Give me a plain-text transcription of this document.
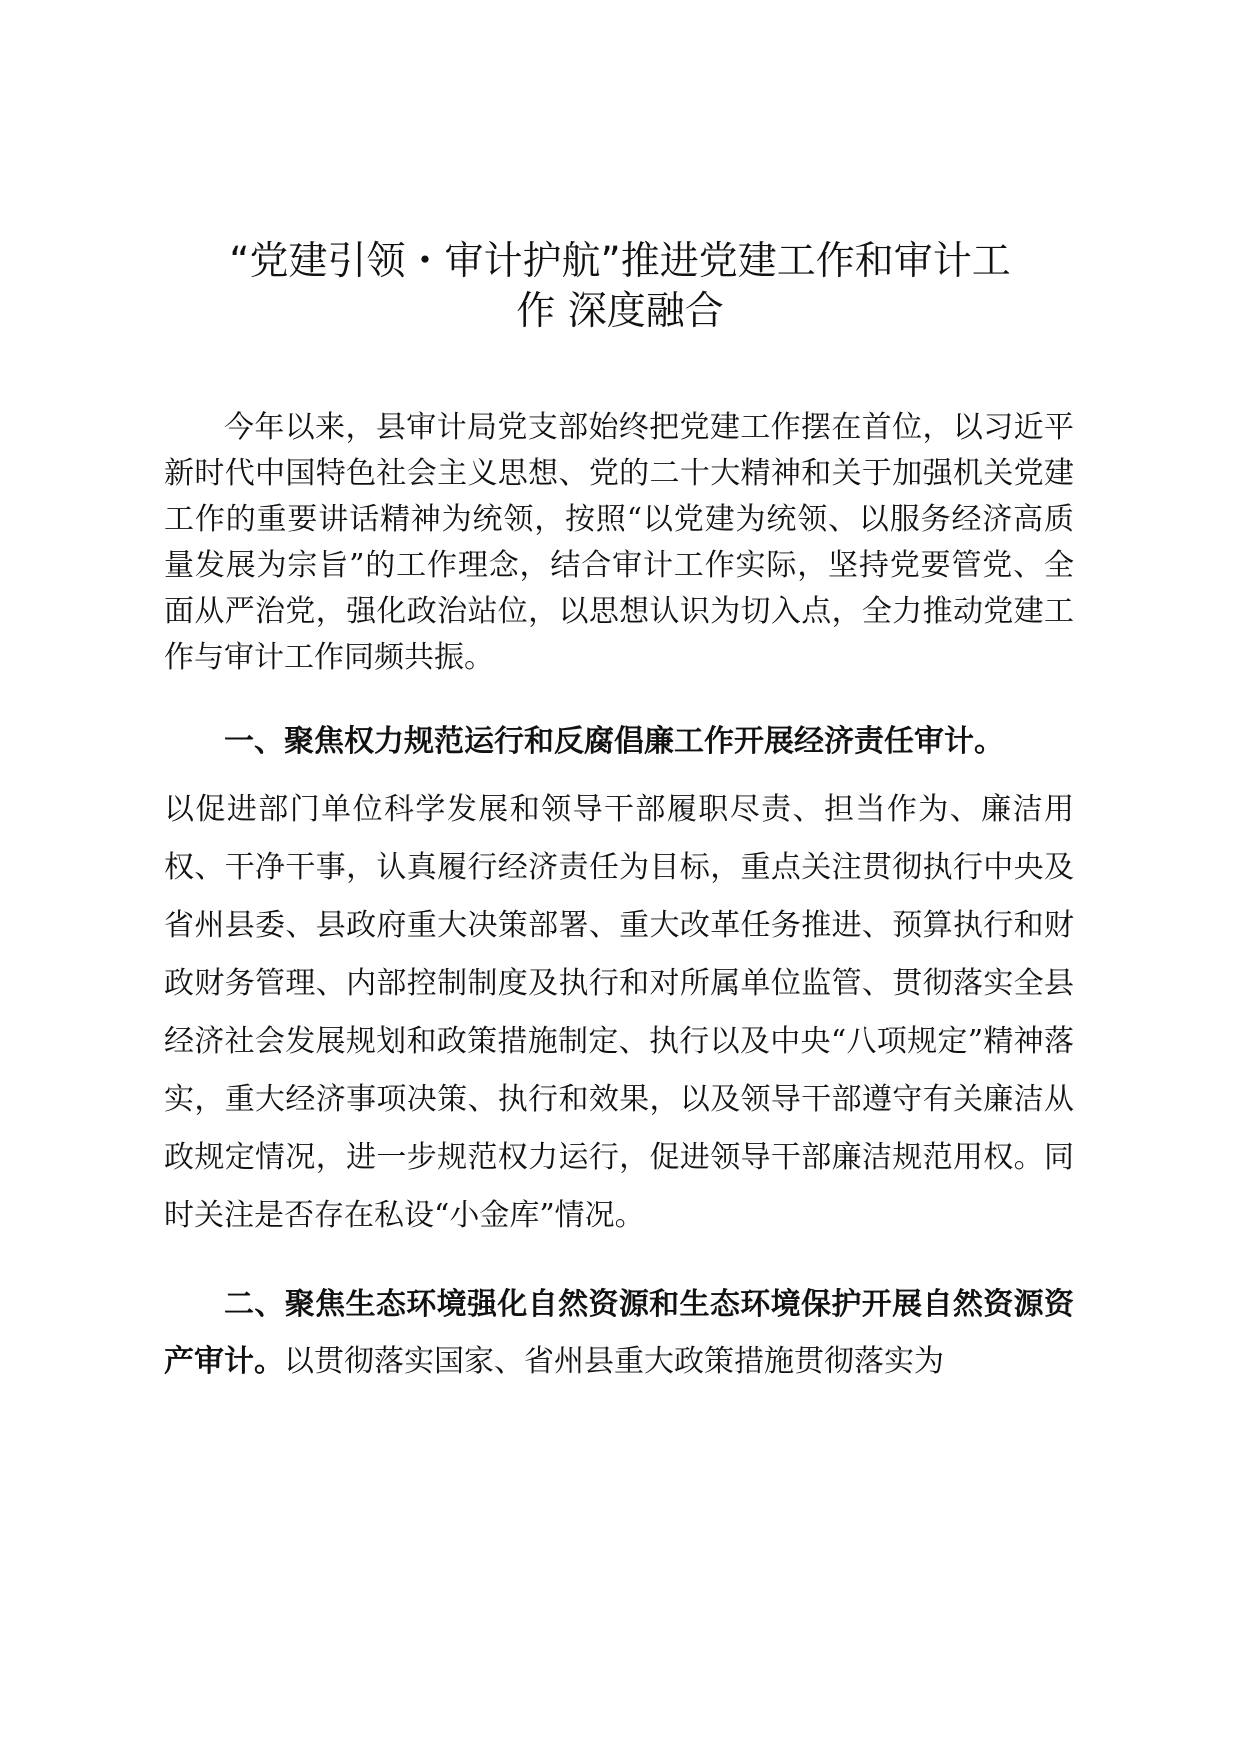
“党建引领・审计护航”推进党建工作和审计工
作 深度融合

今年以来，县审计局党支部始终把党建工作摆在首位，以习近平新时代中国特色社会主义思想、党的二十大精神和关于加强机关党建工作的重要讲话精神为统领，按照“以党建为统领、以服务经济高质量发展为宗旨”的工作理念，结合审计工作实际，坚持党要管党、全面从严治党，强化政治站位，以思想认识为切入点，全力推动党建工作与审计工作同频共振。

一、聚焦权力规范运行和反腐倡廉工作开展经济责任审计。
以促进部门单位科学发展和领导干部履职尽责、担当作为、廉洁用权、干净干事，认真履行经济责任为目标，重点关注贯彻执行中央及省州县委、县政府重大决策部署、重大改革任务推进、预算执行和财政财务管理、内部控制制度及执行和对所属单位监管、贯彻落实全县经济社会发展规划和政策措施制定、执行以及中央“八项规定”精神落实，重大经济事项决策、执行和效果，以及领导干部遵守有关廉洁从政规定情况，进一步规范权力运行，促进领导干部廉洁规范用权。同时关注是否存在私设“小金库”情况。

二、聚焦生态环境强化自然资源和生态环境保护开展自然资源资产审计。以贯彻落实国家、省州县重大政策措施贯彻落实为
